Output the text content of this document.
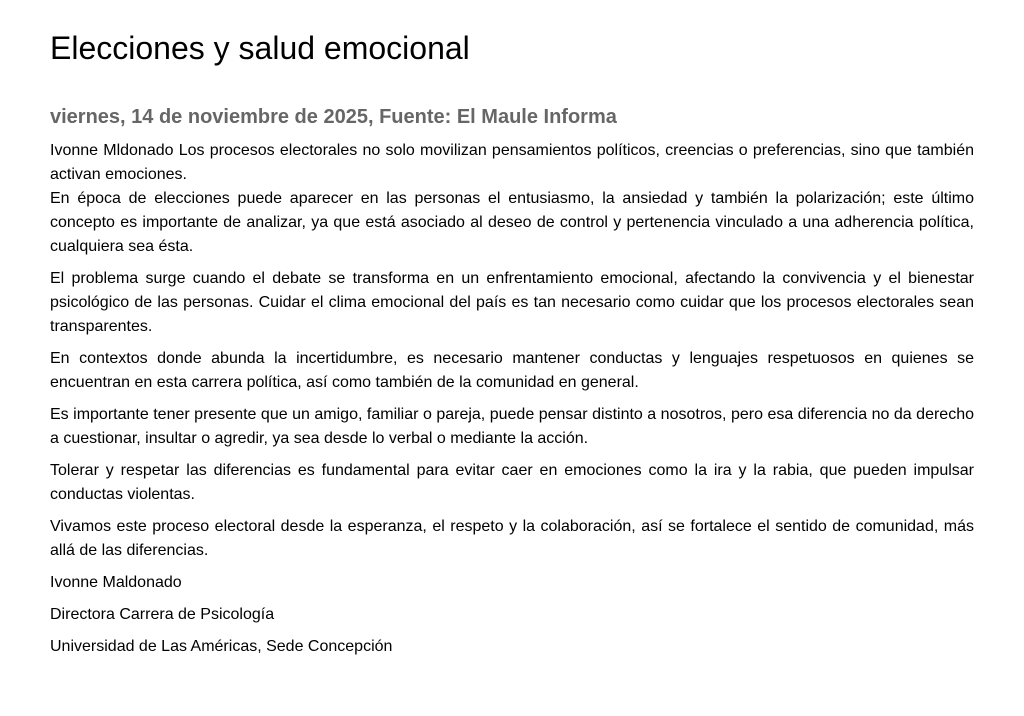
Elecciones y salud emocional
viernes, 14 de noviembre de 2025, Fuente: El Maule Informa

Ivonne Mldonado Los procesos electorales no solo movilizan pensamientos políticos, creencias o preferencias, sino que también activan emociones.
En época de elecciones puede aparecer en las personas el entusiasmo, la ansiedad y también la polarización; este último concepto es importante de analizar, ya que está asociado al deseo de control y pertenencia vinculado a una adherencia política, cualquiera sea ésta.

El problema surge cuando el debate se transforma en un enfrentamiento emocional, afectando la convivencia y el bienestar psicológico de las personas. Cuidar el clima emocional del país es tan necesario como cuidar que los procesos electorales sean transparentes.

En contextos donde abunda la incertidumbre, es necesario mantener conductas y lenguajes respetuosos en quienes se encuentran en esta carrera política, así como también de la comunidad en general.

Es importante tener presente que un amigo, familiar o pareja, puede pensar distinto a nosotros, pero esa diferencia no da derecho a cuestionar, insultar o agredir, ya sea desde lo verbal o mediante la acción.

Tolerar y respetar las diferencias es fundamental para evitar caer en emociones como la ira y la rabia, que pueden impulsar conductas violentas.

Vivamos este proceso electoral desde la esperanza, el respeto y la colaboración, así se fortalece el sentido de comunidad, más allá de las diferencias.

Ivonne Maldonado

Directora Carrera de Psicología

Universidad de Las Américas, Sede Concepción
